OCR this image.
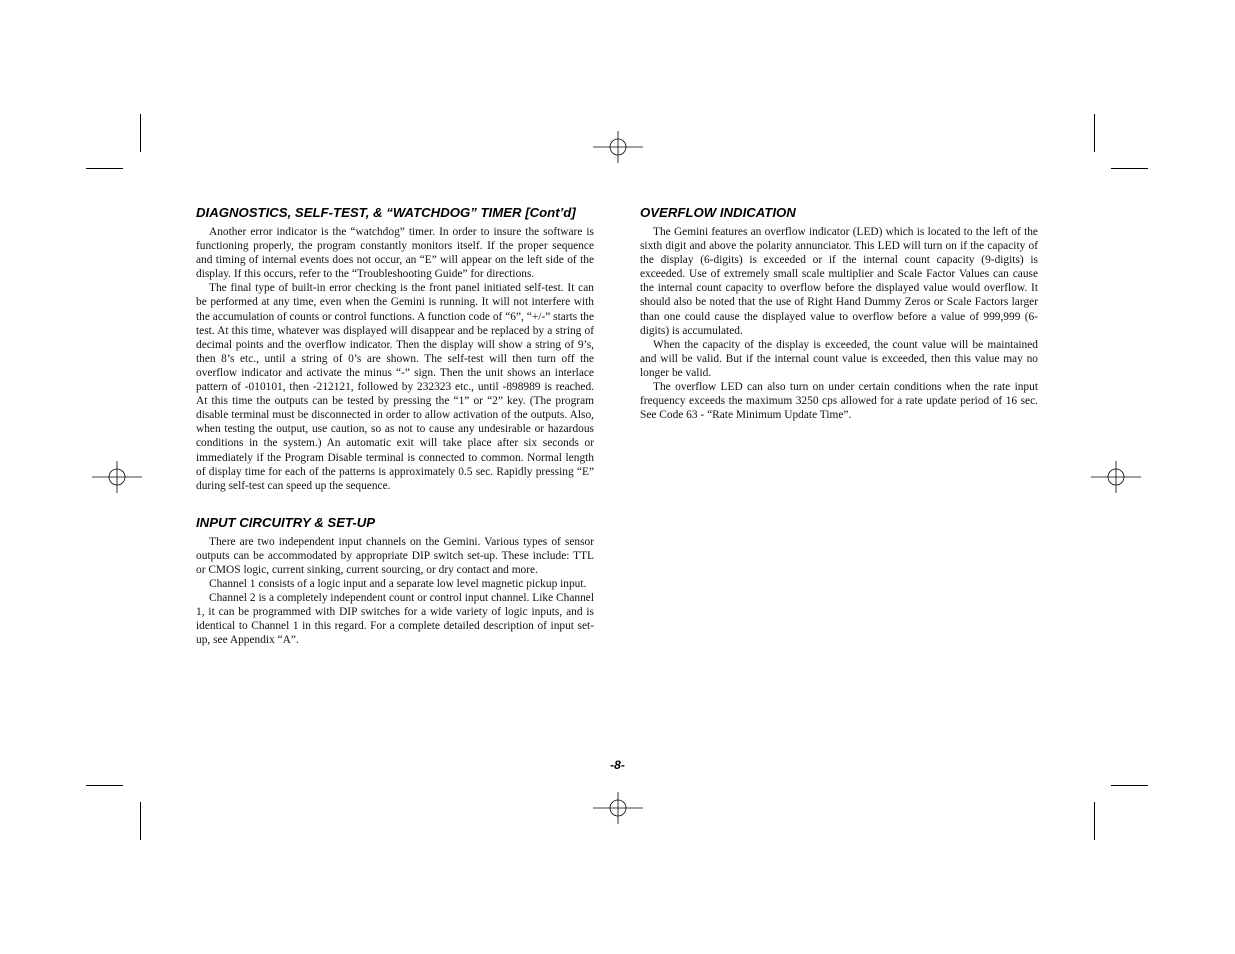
DIAGNOSTICS, SELF-TEST, & “WATCHDOG” TIMER [Cont’d]

Another error indicator is the “watchdog” timer. In order to insure the software is functioning properly, the program constantly monitors itself. If the proper sequence and timing of internal events does not occur, an “E” will appear on the left side of the display. If this occurs, refer to the “Troubleshooting Guide” for directions.

The final type of built-in error checking is the front panel initiated self-test. It can be performed at any time, even when the Gemini is running. It will not interfere with the accumulation of counts or control functions. A function code of “6”, “+/-” starts the test. At this time, whatever was displayed will disappear and be replaced by a string of decimal points and the overflow indicator. Then the display will show a string of 9’s, then 8’s etc., until a string of 0’s are shown. The self-test will then turn off the overflow indicator and activate the minus “-” sign. Then the unit shows an interlace pattern of -010101, then -212121, followed by 232323 etc., until -898989 is reached. At this time the outputs can be tested by pressing the “1” or “2” key. (The program disable terminal must be disconnected in order to allow activation of the outputs. Also, when testing the output, use caution, so as not to cause any undesirable or hazardous conditions in the system.) An automatic exit will take place after six seconds or immediately if the Program Disable terminal is connected to common. Normal length of display time for each of the patterns is approximately 0.5 sec. Rapidly pressing “E” during self-test can speed up the sequence.

INPUT CIRCUITRY & SET-UP

There are two independent input channels on the Gemini. Various types of sensor outputs can be accommodated by appropriate DIP switch set-up. These include: TTL or CMOS logic, current sinking, current sourcing, or dry contact and more.

Channel 1 consists of a logic input and a separate low level magnetic pickup input.

Channel 2 is a completely independent count or control input channel. Like Channel 1, it can be programmed with DIP switches for a wide variety of logic inputs, and is identical to Channel 1 in this regard. For a complete detailed description of input set-up, see Appendix “A”.

OVERFLOW INDICATION

The Gemini features an overflow indicator (LED) which is located to the left of the sixth digit and above the polarity annunciator. This LED will turn on if the capacity of the display (6-digits) is exceeded or if the internal count capacity (9-digits) is exceeded. Use of extremely small scale multiplier and Scale Factor Values can cause the internal count capacity to overflow before the displayed value would overflow. It should also be noted that the use of Right Hand Dummy Zeros or Scale Factors larger than one could cause the displayed value to overflow before a value of 999,999 (6-digits) is accumulated.

When the capacity of the display is exceeded, the count value will be maintained and will be valid. But if the internal count value is exceeded, then this value may no longer be valid.

The overflow LED can also turn on under certain conditions when the rate input frequency exceeds the maximum 3250 cps allowed for a rate update period of 16 sec. See Code 63 - “Rate Minimum Update Time”.

-8-
